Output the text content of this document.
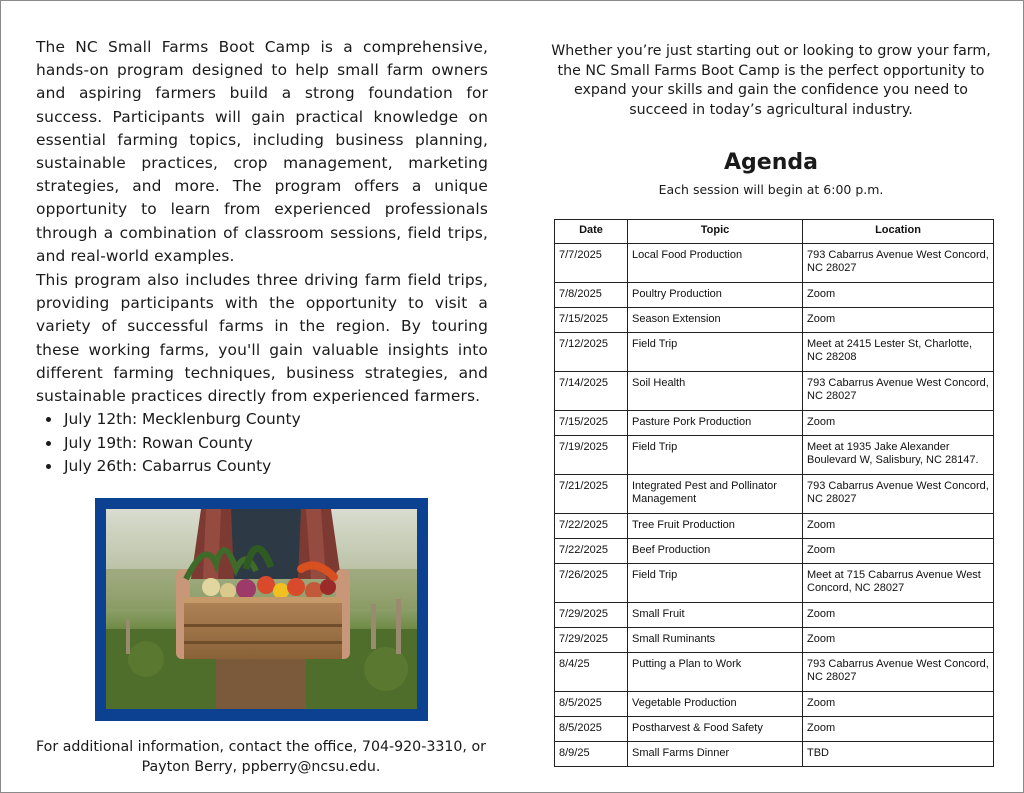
The NC Small Farms Boot Camp is a comprehensive, hands-on program designed to help small farm owners and aspiring farmers build a strong foundation for success. Participants will gain practical knowledge on essential farming topics, including business planning, sustainable practices, crop management, marketing strategies, and more. The program offers a unique opportunity to learn from experienced professionals through a combination of classroom sessions, field trips, and real-world examples.

This program also includes three driving farm field trips, providing participants with the opportunity to visit a variety of successful farms in the region. By touring these working farms, you'll gain valuable insights into different farming techniques, business strategies, and sustainable practices directly from experienced farmers.

• July 12th: Mecklenburg County
• July 19th: Rowan County
• July 26th: Cabarrus County
For additional information, contact the office, 704-920-3310, or Payton Berry, ppberry@ncsu.edu.

Whether you’re just starting out or looking to grow your farm, the NC Small Farms Boot Camp is the perfect opportunity to expand your skills and gain the confidence you need to succeed in today’s agricultural industry.

Agenda
Each session will begin at 6:00 p.m.
Date	Topic	Location
7/7/2025	Local Food Production	793 Cabarrus Avenue West Concord, NC 28027
7/8/2025	Poultry Production	Zoom
7/15/2025	Season Extension	Zoom
7/12/2025	Field Trip	Meet at 2415 Lester St, Charlotte, NC 28208
7/14/2025	Soil Health	793 Cabarrus Avenue West Concord, NC 28027
7/15/2025	Pasture Pork Production	Zoom
7/19/2025	Field Trip	Meet at 1935 Jake Alexander Boulevard W, Salisbury, NC 28147.
7/21/2025	Integrated Pest and Pollinator Management	793 Cabarrus Avenue West Concord, NC 28027
7/22/2025	Tree Fruit Production	Zoom
7/22/2025	Beef Production	Zoom
7/26/2025	Field Trip	Meet at 715 Cabarrus Avenue West Concord, NC 28027
7/29/2025	Small Fruit	Zoom
7/29/2025	Small Ruminants	Zoom
8/4/25	Putting a Plan to Work	793 Cabarrus Avenue West Concord, NC 28027
8/5/2025	Vegetable Production	Zoom
8/5/2025	Postharvest & Food Safety	Zoom
8/9/25	Small Farms Dinner	TBD
